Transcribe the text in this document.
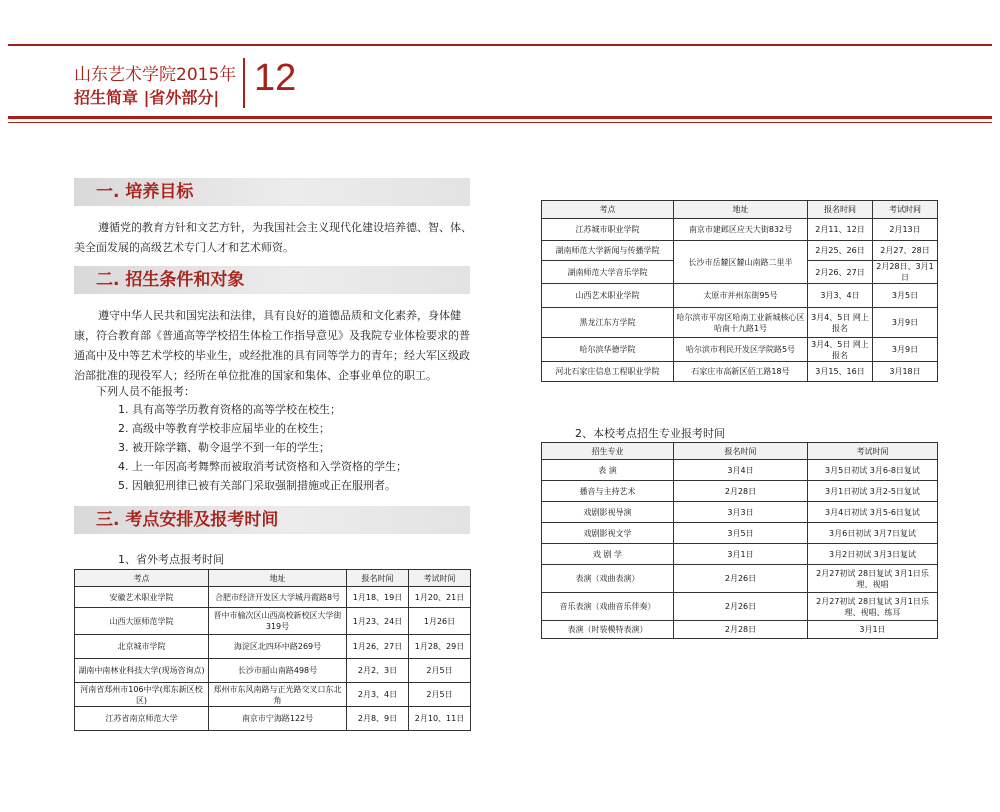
山东艺术学院2015年
招生简章 |省外部分| 12
一. 培养目标

遵循党的教育方针和文艺方针，为我国社会主义现代化建设培养德、智、体、美全面发展的高级艺术专门人才和艺术师资。

二. 招生条件和对象

遵守中华人民共和国宪法和法律，具有良好的道德品质和文化素养，身体健康，符合教育部《普通高等学校招生体检工作指导意见》及我院专业体检要求的普通高中及中等艺术学校的毕业生，或经批准的具有同等学力的青年；经大军区级政治部批准的现役军人；经所在单位批准的国家和集体、企事业单位的职工。

下列人员不能报考：
1. 具有高等学历教育资格的高等学校在校生；
2. 高级中等教育学校非应届毕业的在校生；
3. 被开除学籍、勒令退学不到一年的学生；
4. 上一年因高考舞弊而被取消考试资格和入学资格的学生；
5. 因触犯刑律已被有关部门采取强制措施或正在服刑者。
三. 考点安排及报考时间
1、省外考点报考时间
考点	地址	报名时间	考试时间
安徽艺术职业学院	合肥市经济开发区大学城丹霞路8号	1月18、19日	1月20、21日
山西大原师范学院	晋中市榆次区山西高校新校区大学街319号	1月23、24日	1月26日
北京城市学院	海淀区北四环中路269号	1月26、27日	1月28、29日
湖南中南林业科技大学(现场咨询点)	长沙市韶山南路498号	2月2、3日	2月5日
河南省郑州市106中学(郑东新区校区)	郑州市东风南路与正光路交叉口东北角	2月3、4日	2月5日
江苏省南京师范大学	南京市宁海路122号	2月8、9日	2月10、11日
考点	地址	报名时间	考试时间
江苏城市职业学院	南京市建邺区应天大街832号	2月11、12日	2月13日
湖南师范大学新闻与传播学院	长沙市岳麓区麓山南路二里半	2月25、26日	2月27、28日
湖南师范大学音乐学院		2月26、27日	2月28日、3月1日
山西艺术职业学院	太原市并州东街95号	3月3、4日	3月5日
黑龙江东方学院	哈尔滨市平房区哈南工业新城核心区哈南十九路1号	3月4、5日 网上报名	3月9日
哈尔滨华德学院	哈尔滨市利民开发区学院路5号	3月4、5日 网上报名	3月9日
河北石家庄信息工程职业学院	石家庄市高新区佰工路18号	3月15、16日	3月18日
2、本校考点招生专业报考时间
招生专业	报名时间	考试时间
表 演	3月4日	3月5日初试 3月6-8日复试
播音与主持艺术	2月28日	3月1日初试 3月2-5日复试
戏剧影视导演	3月3日	3月4日初试 3月5-6日复试
戏剧影视文学	3月5日	3月6日初试 3月7日复试
戏 剧 学	3月1日	3月2日初试 3月3日复试
表演（戏曲表演）	2月26日	2月27初试 28日复试 3月1日乐理、视唱
音乐表演（戏曲音乐伴奏）	2月26日	2月27初试 28日复试 3月1日乐理、视唱、练耳
表演（时装模特表演）	2月28日	3月1日
